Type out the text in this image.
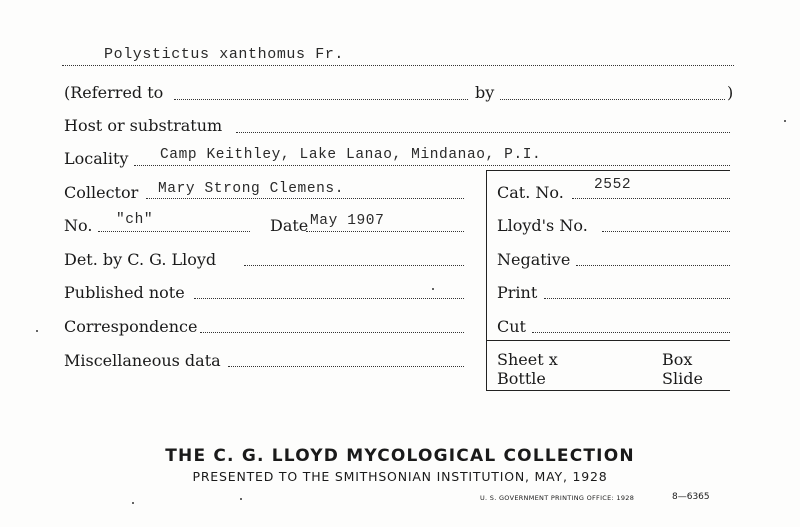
Polystictus xanthomus Fr.
(Referred to	by	)
Host or substratum
Locality Camp Keithley, Lake Lanao, Mindanao, P.I.
Collector Mary Strong Clemens.	Cat. No. 2552
No. "ch"	Date May 1907	Lloyd's No.
Det. by C. G. Lloyd	Negative
Published note	Print
Correspondence	Cut
Miscellaneous data	Sheet x	Box
Bottle	Slide
THE C. G. LLOYD MYCOLOGICAL COLLECTION
PRESENTED TO THE SMITHSONIAN INSTITUTION, MAY, 1928
U. S. GOVERNMENT PRINTING OFFICE: 1928	8—6365
